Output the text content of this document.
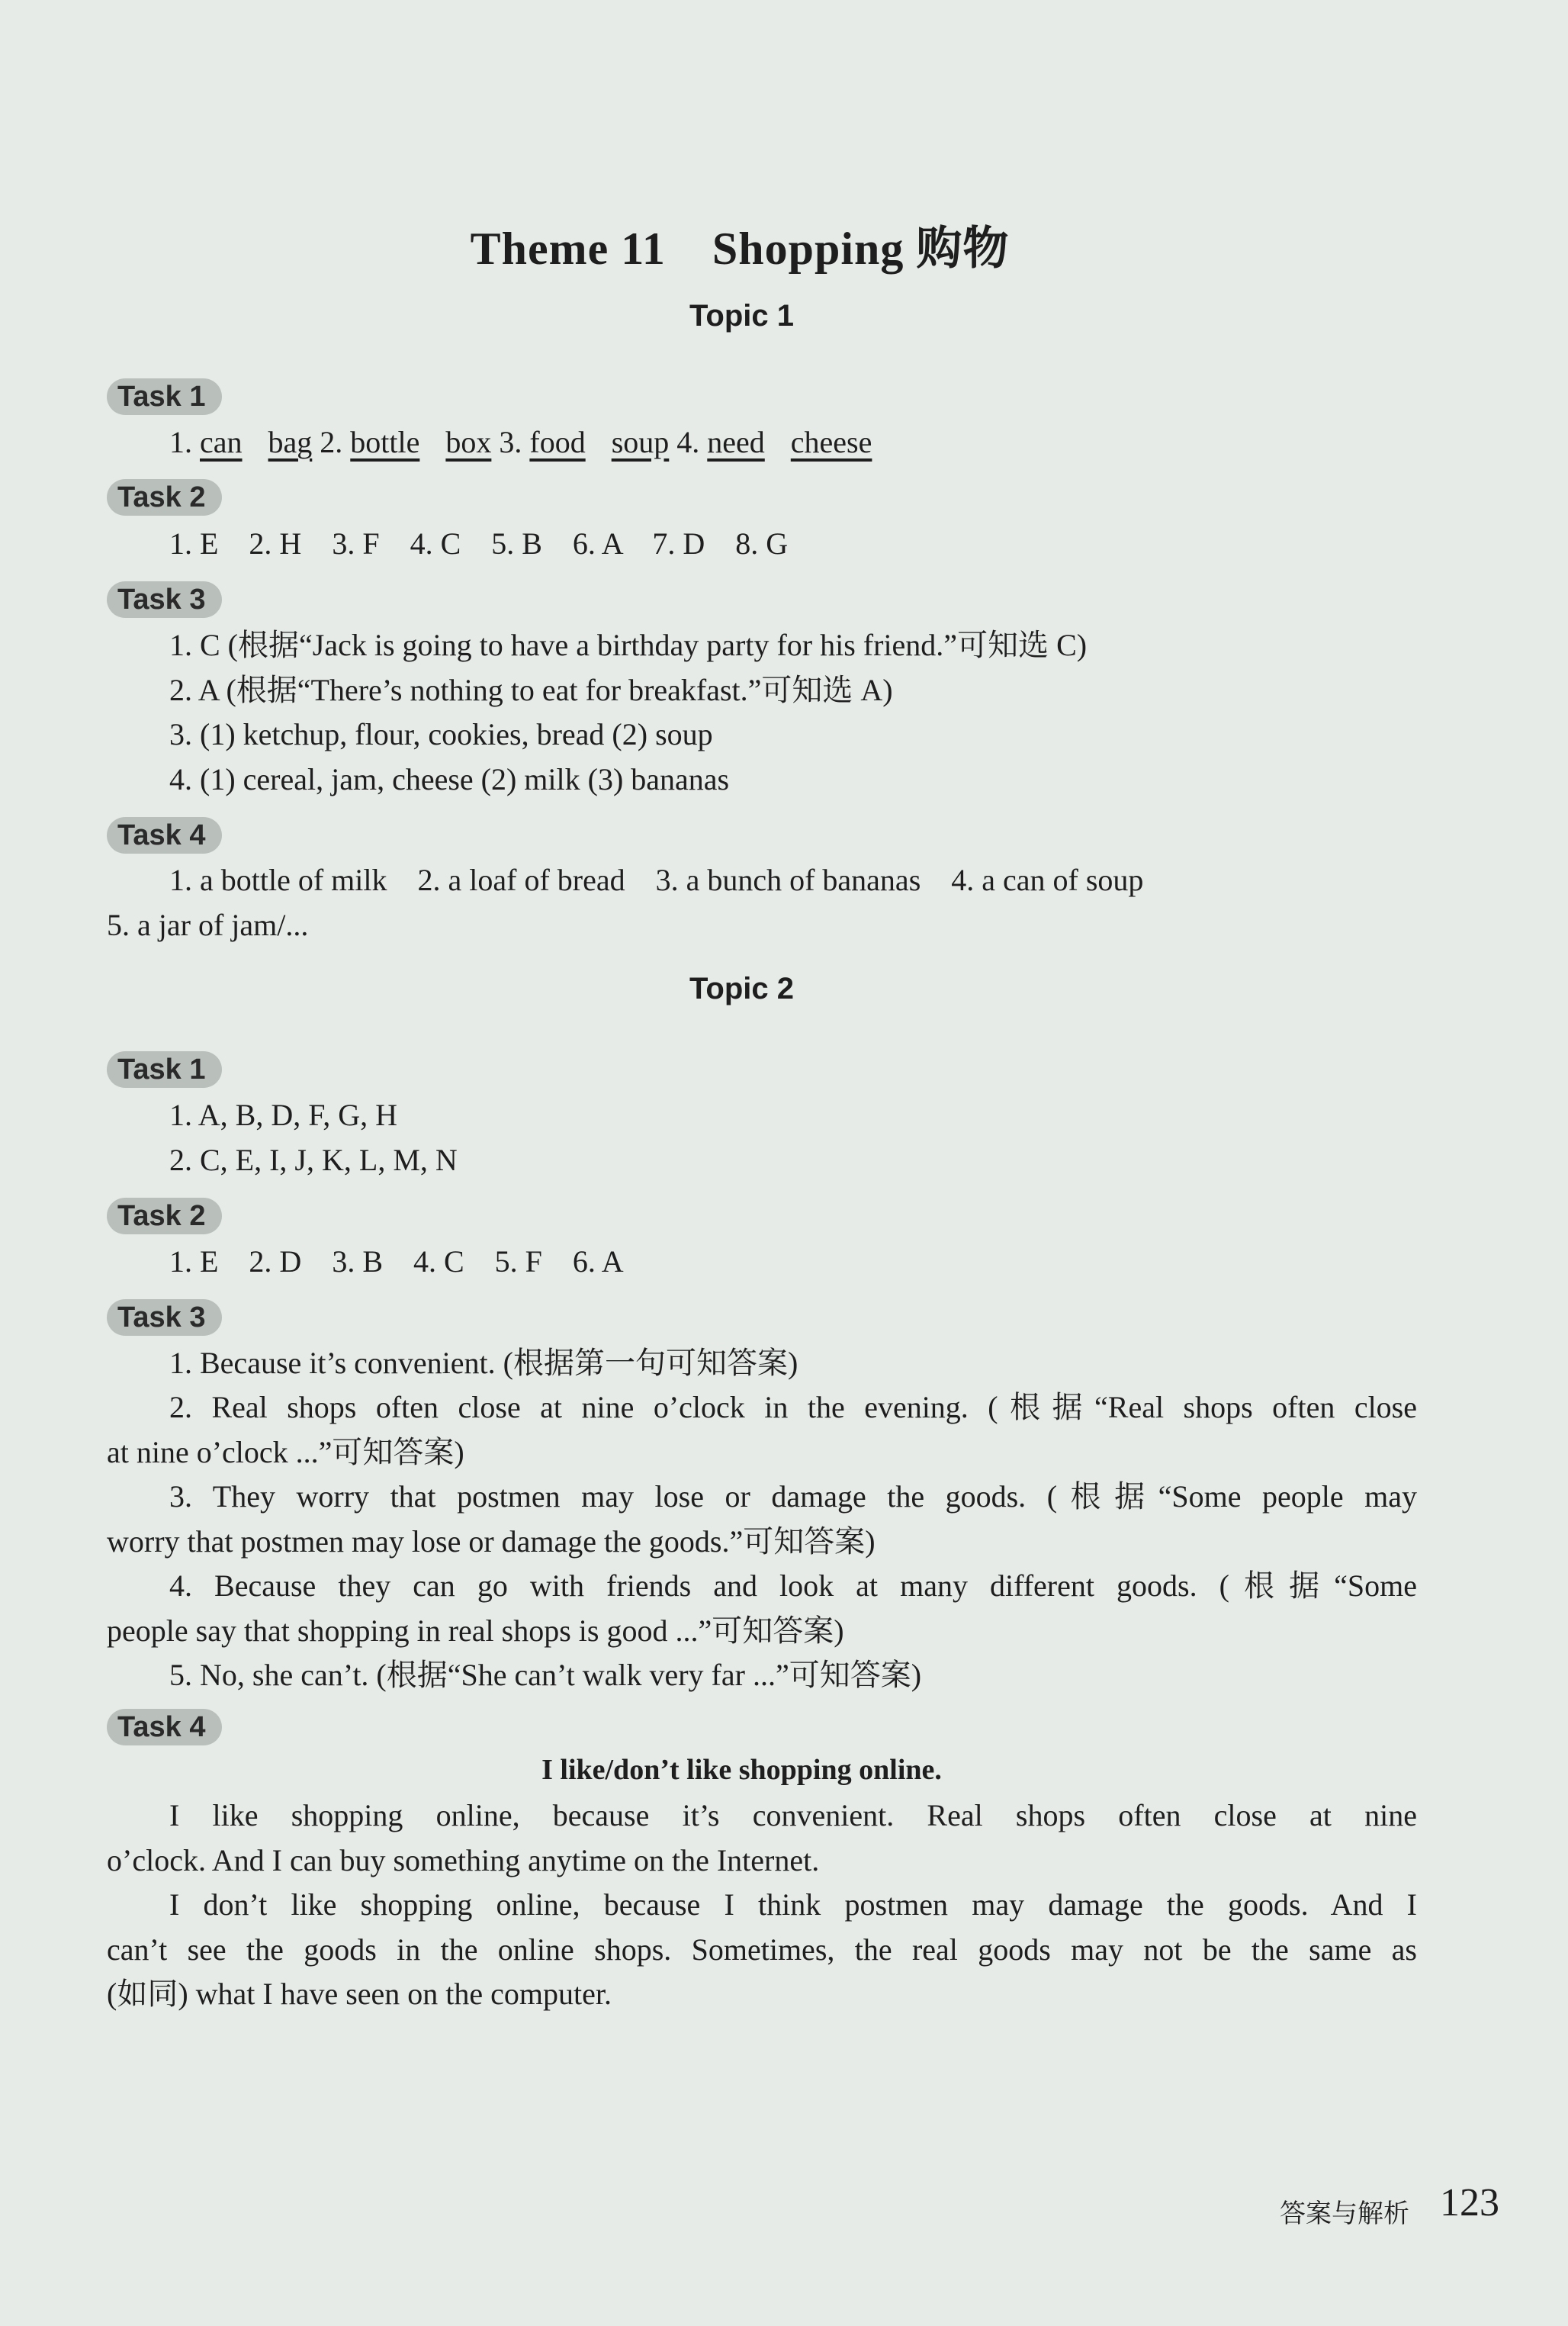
Theme 11　Shopping 购物
Topic 1
Task 1
1. can bag 2. bottle box 3. food soup 4. need cheese
Task 2
1. E　2. H　3. F　4. C　5. B　6. A　7. D　8. G
Task 3
1. C (根据“Jack is going to have a birthday party for his friend.”可知选 C)
2. A (根据“There’s nothing to eat for breakfast.”可知选 A)
3. (1) ketchup, flour, cookies, bread (2) soup
4. (1) cereal, jam, cheese (2) milk (3) bananas
Task 4
1. a bottle of milk　2. a loaf of bread　3. a bunch of bananas　4. a can of soup
5. a jar of jam/...
Topic 2
Task 1
1. A, B, D, F, G, H
2. C, E, I, J, K, L, M, N
Task 2
1. E　2. D　3. B　4. C　5. F　6. A
Task 3
1. Because it’s convenient. (根据第一句可知答案)
2. Real shops often close at nine o’clock in the evening. (根据“Real shops often close
at nine o’clock ...”可知答案)
3. They worry that postmen may lose or damage the goods. (根据“Some people may
worry that postmen may lose or damage the goods.”可知答案)
4. Because they can go with friends and look at many different goods. (根据“Some
people say that shopping in real shops is good ...”可知答案)
5. No, she can’t. (根据“She can’t walk very far ...”可知答案)
Task 4
I like/don’t like shopping online.
I like shopping online, because it’s convenient. Real shops often close at nine
o’clock. And I can buy something anytime on the Internet.
I don’t like shopping online, because I think postmen may damage the goods. And I
can’t see the goods in the online shops. Sometimes, the real goods may not be the same as
(如同) what I have seen on the computer.
答案与解析 123
